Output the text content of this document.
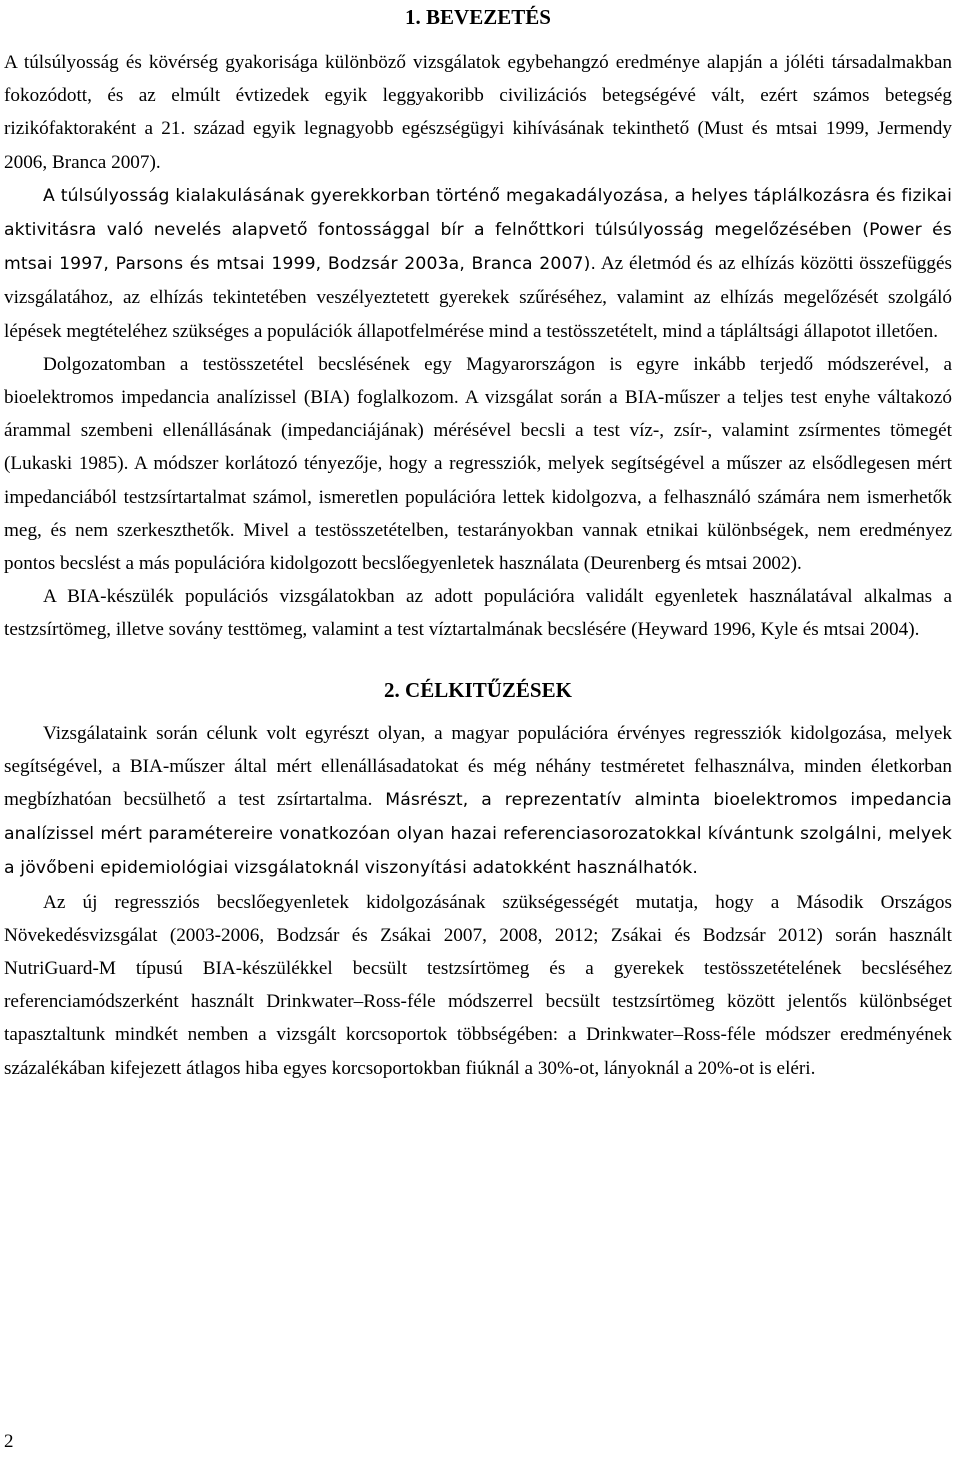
1. BEVEZETÉS

A túlsúlyosság és kövérség gyakorisága különböző vizsgálatok egybehangzó eredménye alapján a jóléti társadalmakban fokozódott, és az elmúlt évtizedek egyik leggyakoribb civilizációs betegségévé vált, ezért számos betegség rizikófaktoraként a 21. század egyik legnagyobb egészségügyi kihívásának tekinthető (Must és mtsai 1999, Jermendy 2006, Branca 2007).

A túlsúlyosság kialakulásának gyerekkorban történő megakadályozása, a helyes táplálkozásra és fizikai aktivitásra való nevelés alapvető fontossággal bír a felnőttkori túlsúlyosság megelőzésében (Power és mtsai 1997, Parsons és mtsai 1999, Bodzsár 2003a, Branca 2007). Az életmód és az elhízás közötti összefüggés vizsgálatához, az elhízás tekintetében veszélyeztetett gyerekek szűréséhez, valamint az elhízás megelőzését szolgáló lépések megtételéhez szükséges a populációk állapotfelmérése mind a testösszetételt, mind a tápláltsági állapotot illetően.

Dolgozatomban a testösszetétel becslésének egy Magyarországon is egyre inkább terjedő módszerével, a bioelektromos impedancia analízissel (BIA) foglalkozom. A vizsgálat során a BIA-műszer a teljes test enyhe váltakozó árammal szembeni ellenállásának (impedanciájának) mérésével becsli a test víz-, zsír-, valamint zsírmentes tömegét (Lukaski 1985). A módszer korlátozó tényezője, hogy a regressziók, melyek segítségével a műszer az elsődlegesen mért impedanciából testzsírtartalmat számol, ismeretlen populációra lettek kidolgozva, a felhasználó számára nem ismerhetők meg, és nem szerkeszthetők. Mivel a testösszetételben, testarányokban vannak etnikai különbségek, nem eredményez pontos becslést a más populációra kidolgozott becslőegyenletek használata (Deurenberg és mtsai 2002).

A BIA-készülék populációs vizsgálatokban az adott populációra validált egyenletek használatával alkalmas a testzsírtömeg, illetve sovány testtömeg, valamint a test víztartalmának becslésére (Heyward 1996, Kyle és mtsai 2004).

2. CÉLKITŰZÉSEK

Vizsgálataink során célunk volt egyrészt olyan, a magyar populációra érvényes regressziók kidolgozása, melyek segítségével, a BIA-műszer által mért ellenállásadatokat és még néhány testméretet felhasználva, minden életkorban megbízhatóan becsülhető a test zsírtartalma. Másrészt, a reprezentatív alminta bioelektromos impedancia analízissel mért paramétereire vonatkozóan olyan hazai referenciasorozatokkal kívántunk szolgálni, melyek a jövőbeni epidemiológiai vizsgálatoknál viszonyítási adatokként használhatók.

Az új regressziós becslőegyenletek kidolgozásának szükségességét mutatja, hogy a Második Országos Növekedésvizsgálat (2003-2006, Bodzsár és Zsákai 2007, 2008, 2012; Zsákai és Bodzsár 2012) során használt NutriGuard-M típusú BIA-készülékkel becsült testzsírtömeg és a gyerekek testösszetételének becsléséhez referenciamódszerként használt Drinkwater–Ross-féle módszerrel becsült testzsírtömeg között jelentős különbséget tapasztaltunk mindkét nemben a vizsgált korcsoportok többségében: a Drinkwater–Ross-féle módszer eredményének százalékában kifejezett átlagos hiba egyes korcsoportokban fiúknál a 30%-ot, lányoknál a 20%-ot is eléri.

2
